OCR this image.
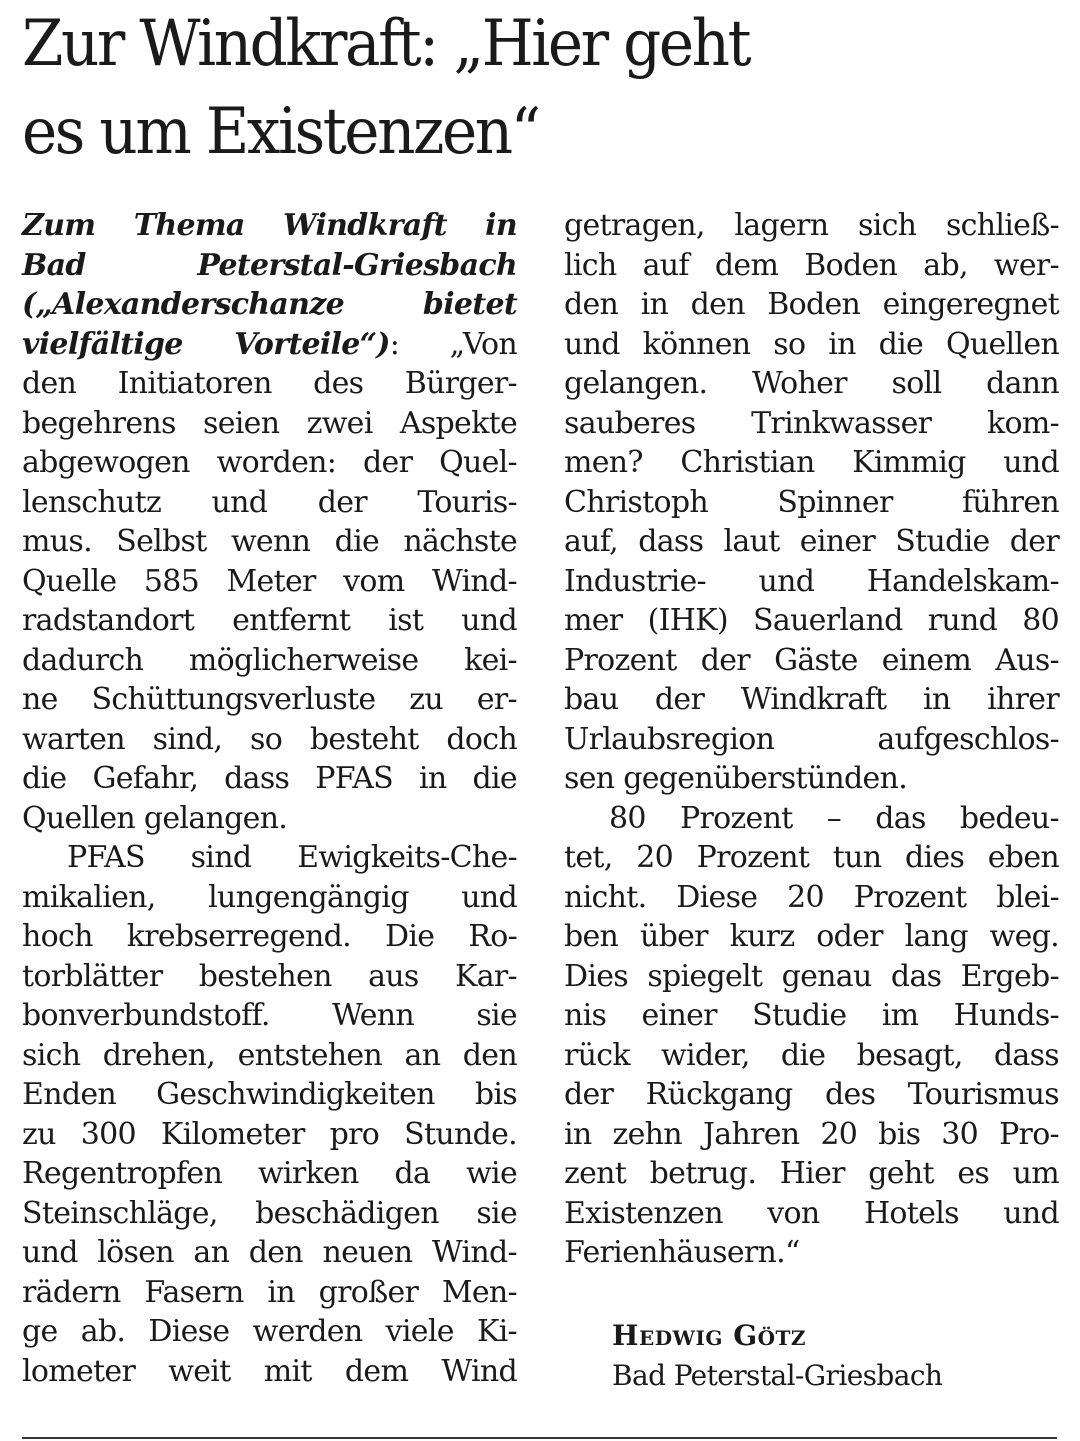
Zur Windkraft: „Hier geht
es um Existenzen“
Zum Thema Windkraft in
Bad Peterstal-Griesbach
(„Alexanderschanze bietet
vielfältige Vorteile“): „Von
den Initiatoren des Bürger-
begehrens seien zwei Aspekte
abgewogen worden: der Quel-
lenschutz und der Touris-
mus. Selbst wenn die nächste
Quelle 585 Meter vom Wind-
radstandort entfernt ist und
dadurch möglicherweise kei-
ne Schüttungsverluste zu er-
warten sind, so besteht doch
die Gefahr, dass PFAS in die
Quellen gelangen.
PFAS sind Ewigkeits-Che-
mikalien, lungengängig und
hoch krebserregend. Die Ro-
torblätter bestehen aus Kar-
bonverbundstoff. Wenn sie
sich drehen, entstehen an den
Enden Geschwindigkeiten bis
zu 300 Kilometer pro Stunde.
Regentropfen wirken da wie
Steinschläge, beschädigen sie
und lösen an den neuen Wind-
rädern Fasern in großer Men-
ge ab. Diese werden viele Ki-
lometer weit mit dem Wind
getragen, lagern sich schließ-
lich auf dem Boden ab, wer-
den in den Boden eingeregnet
und können so in die Quellen
gelangen. Woher soll dann
sauberes Trinkwasser kom-
men? Christian Kimmig und
Christoph Spinner führen
auf, dass laut einer Studie der
Industrie- und Handelskam-
mer (IHK) Sauerland rund 80
Prozent der Gäste einem Aus-
bau der Windkraft in ihrer
Urlaubsregion aufgeschlos-
sen gegenüberstünden.
80 Prozent – das bedeu-
tet, 20 Prozent tun dies eben
nicht. Diese 20 Prozent blei-
ben über kurz oder lang weg.
Dies spiegelt genau das Ergeb-
nis einer Studie im Hunds-
rück wider, die besagt, dass
der Rückgang des Tourismus
in zehn Jahren 20 bis 30 Pro-
zent betrug. Hier geht es um
Existenzen von Hotels und
Ferienhäusern.“
Hedwig Götz
Bad Peterstal-Griesbach
